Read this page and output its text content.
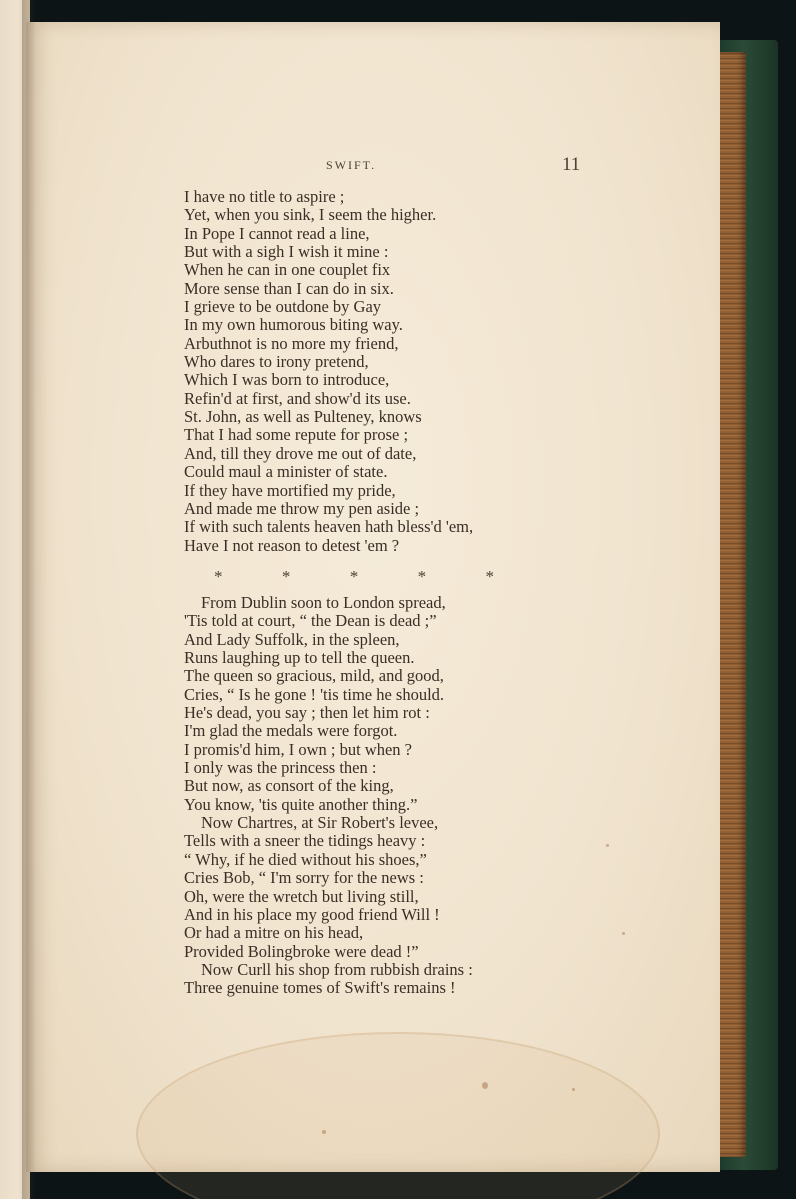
SWIFT.	11
I have no title to aspire ;
Yet, when you sink, I seem the higher.
In Pope I cannot read a line,
But with a sigh I wish it mine :
When he can in one couplet fix
More sense than I can do in six.
I grieve to be outdone by Gay
In my own humorous biting way.
Arbuthnot is no more my friend,
Who dares to irony pretend,
Which I was born to introduce,
Refin'd at first, and show'd its use.
St. John, as well as Pulteney, knows
That I had some repute for prose ;
And, till they drove me out of date,
Could maul a minister of state.
If they have mortified my pride,
And made me throw my pen aside ;
If with such talents heaven hath bless'd 'em,
Have I not reason to detest 'em ?
*	*	*	*	*
From Dublin soon to London spread,
'Tis told at court, “ the Dean is dead ;”
And Lady Suffolk, in the spleen,
Runs laughing up to tell the queen.
The queen so gracious, mild, and good,
Cries, “ Is he gone ! 'tis time he should.
He's dead, you say ; then let him rot :
I'm glad the medals were forgot.
I promis'd him, I own ; but when ?
I only was the princess then :
But now, as consort of the king,
You know, 'tis quite another thing.”
Now Chartres, at Sir Robert's levee,
Tells with a sneer the tidings heavy :
“ Why, if he died without his shoes,”
Cries Bob, “ I'm sorry for the news :
Oh, were the wretch but living still,
And in his place my good friend Will !
Or had a mitre on his head,
Provided Bolingbroke were dead !”
Now Curll his shop from rubbish drains :
Three genuine tomes of Swift's remains !
